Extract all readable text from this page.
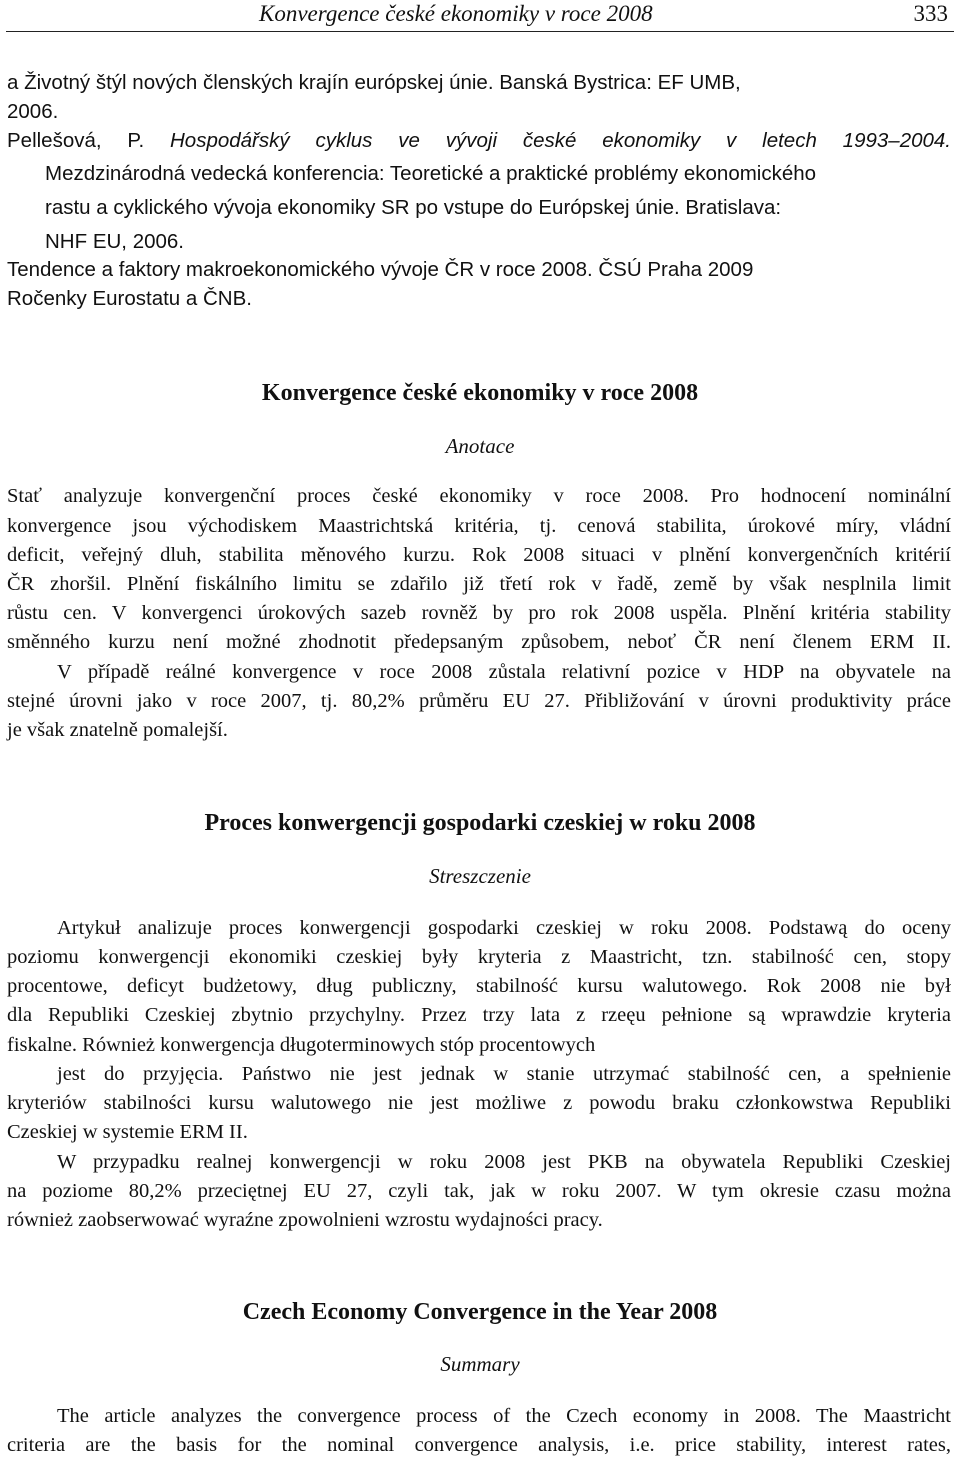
Konvergence české ekonomiky v roce 2008	333
a Životný štýl nových členských krajín európskej únie. Banská Bystrica: EF UMB,
2006.
Pellešová, P. Hospodářský cyklus ve vývoji české ekonomiky v letech 1993–2004.
Mezdzinárodná vedecká konferencia: Teoretické a praktické problémy ekonomického
rastu a cyklického vývoja ekonomiky SR po vstupe do Európskej únie. Bratislava:
NHF EU, 2006.
Tendence a faktory makroekonomického vývoje ČR v roce 2008. ČSÚ Praha 2009
Ročenky Eurostatu a ČNB.
Konvergence české ekonomiky v roce 2008
Anotace
Stať analyzuje konvergenční proces české ekonomiky v roce 2008. Pro hodnocení nominální
konvergence jsou východiskem Maastrichtská kritéria, tj. cenová stabilita, úrokové míry, vládní
deficit, veřejný dluh, stabilita měnového kurzu. Rok 2008 situaci v plnění konvergenčních kritérií
ČR zhoršil. Plnění fiskálního limitu se zdařilo již třetí rok v řadě, země by však nesplnila limit
růstu cen. V konvergenci úrokových sazeb rovněž by pro rok 2008 uspěla. Plnění kritéria stability
směnného kurzu není možné zhodnotit předepsaným způsobem, neboť ČR není členem ERM II.
V případě reálné konvergence v roce 2008 zůstala relativní pozice v HDP na obyvatele na
stejné úrovni jako v roce 2007, tj. 80,2% průměru EU 27. Přibližování v úrovni produktivity práce
je však znatelně pomalejší.
Proces konwergencji gospodarki czeskiej w roku 2008
Streszczenie
Artykuł analizuje proces konwergencji gospodarki czeskiej w roku 2008. Podstawą do oceny
poziomu konwergencji ekonomiki czeskiej były kryteria z Maastricht, tzn. stabilność cen, stopy
procentowe, deficyt budżetowy, dług publiczny, stabilność kursu walutowego. Rok 2008 nie był
dla Republiki Czeskiej zbytnio przychylny. Przez trzy lata z rzeęu pełnione są wprawdzie kryteria
fiskalne. Również konwergencja długoterminowych stóp procentowych
jest do przyjęcia. Państwo nie jest jednak w stanie utrzymać stabilność cen, a spełnienie
kryteriów stabilności kursu walutowego nie jest możliwe z powodu braku członkowstwa Republiki
Czeskiej w systemie ERM II.
W przypadku realnej konwergencji w roku 2008 jest PKB na obywatela Republiki Czeskiej
na poziome 80,2% przeciętnej EU 27, czyli tak, jak w roku 2007. W tym okresie czasu można
również zaobserwować wyraźne zpowolnieni wzrostu wydajności pracy.
Czech Economy Convergence in the Year 2008
Summary
The article analyzes the convergence process of the Czech economy in 2008. The Maastricht
criteria are the basis for the nominal convergence analysis, i.e. price stability, interest rates,
